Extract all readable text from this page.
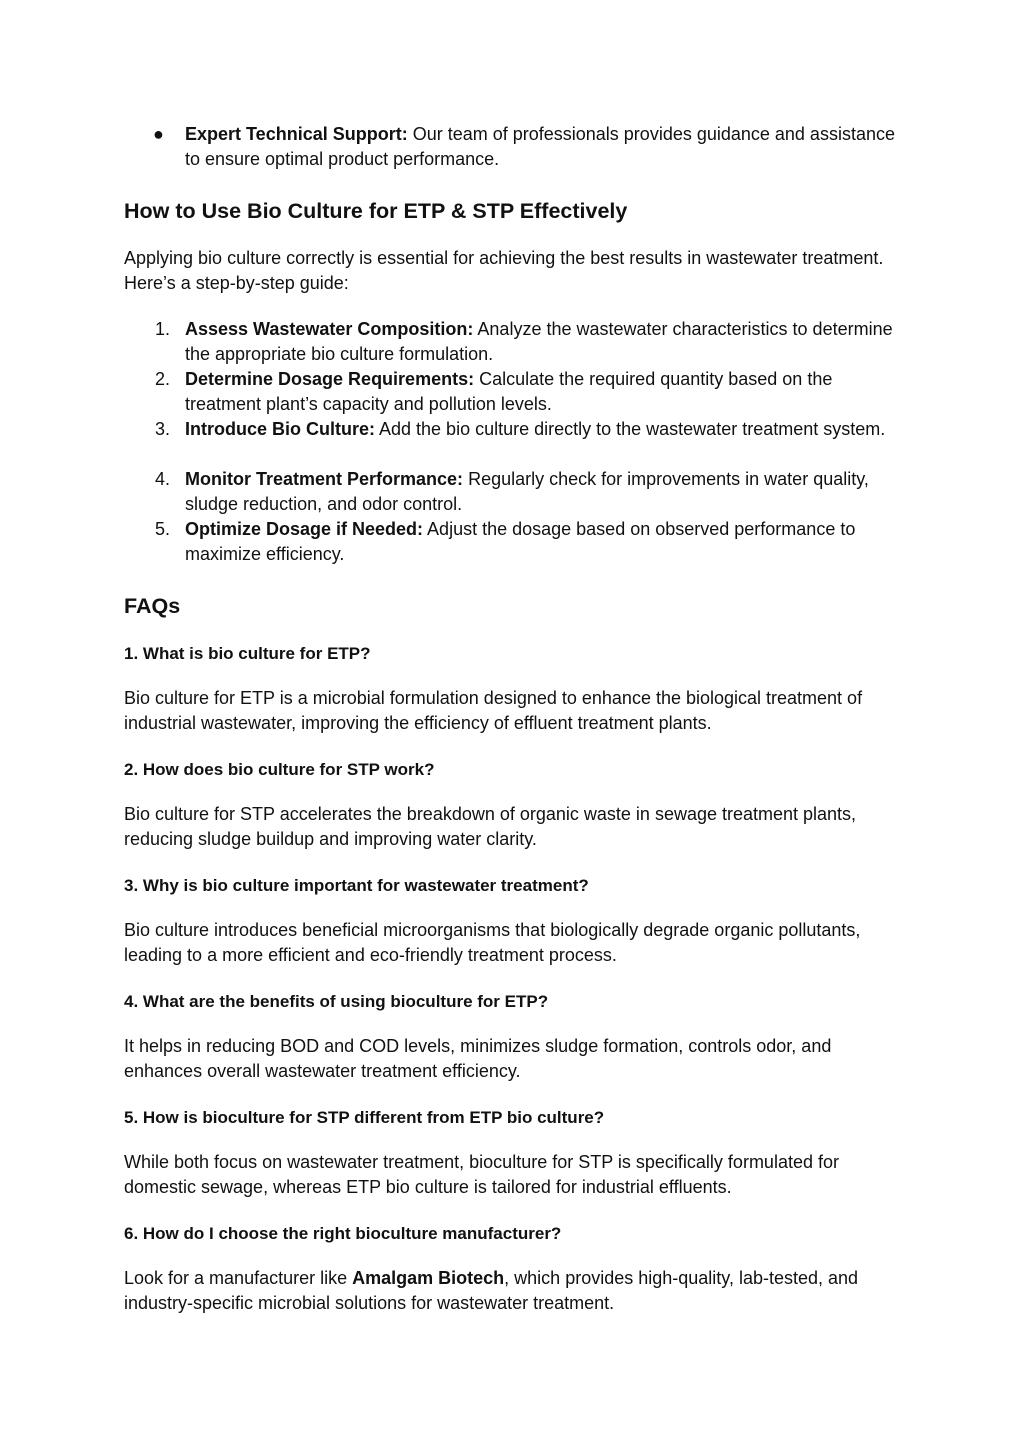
● Expert Technical Support: Our team of professionals provides guidance and assistance to ensure optimal product performance.

How to Use Bio Culture for ETP & STP Effectively

Applying bio culture correctly is essential for achieving the best results in wastewater treatment. Here’s a step-by-step guide:

1. Assess Wastewater Composition: Analyze the wastewater characteristics to determine the appropriate bio culture formulation.

2. Determine Dosage Requirements: Calculate the required quantity based on the treatment plant’s capacity and pollution levels.

3. Introduce Bio Culture: Add the bio culture directly to the wastewater treatment system.

4. Monitor Treatment Performance: Regularly check for improvements in water quality, sludge reduction, and odor control.

5. Optimize Dosage if Needed: Adjust the dosage based on observed performance to maximize efficiency.

FAQs
1. What is bio culture for ETP?

Bio culture for ETP is a microbial formulation designed to enhance the biological treatment of industrial wastewater, improving the efficiency of effluent treatment plants.

2. How does bio culture for STP work?

Bio culture for STP accelerates the breakdown of organic waste in sewage treatment plants, reducing sludge buildup and improving water clarity.

3. Why is bio culture important for wastewater treatment?

Bio culture introduces beneficial microorganisms that biologically degrade organic pollutants, leading to a more efficient and eco-friendly treatment process.

4. What are the benefits of using bioculture for ETP?

It helps in reducing BOD and COD levels, minimizes sludge formation, controls odor, and enhances overall wastewater treatment efficiency.

5. How is bioculture for STP different from ETP bio culture?

While both focus on wastewater treatment, bioculture for STP is specifically formulated for domestic sewage, whereas ETP bio culture is tailored for industrial effluents.

6. How do I choose the right bioculture manufacturer?

Look for a manufacturer like Amalgam Biotech, which provides high-quality, lab-tested, and industry-specific microbial solutions for wastewater treatment.
